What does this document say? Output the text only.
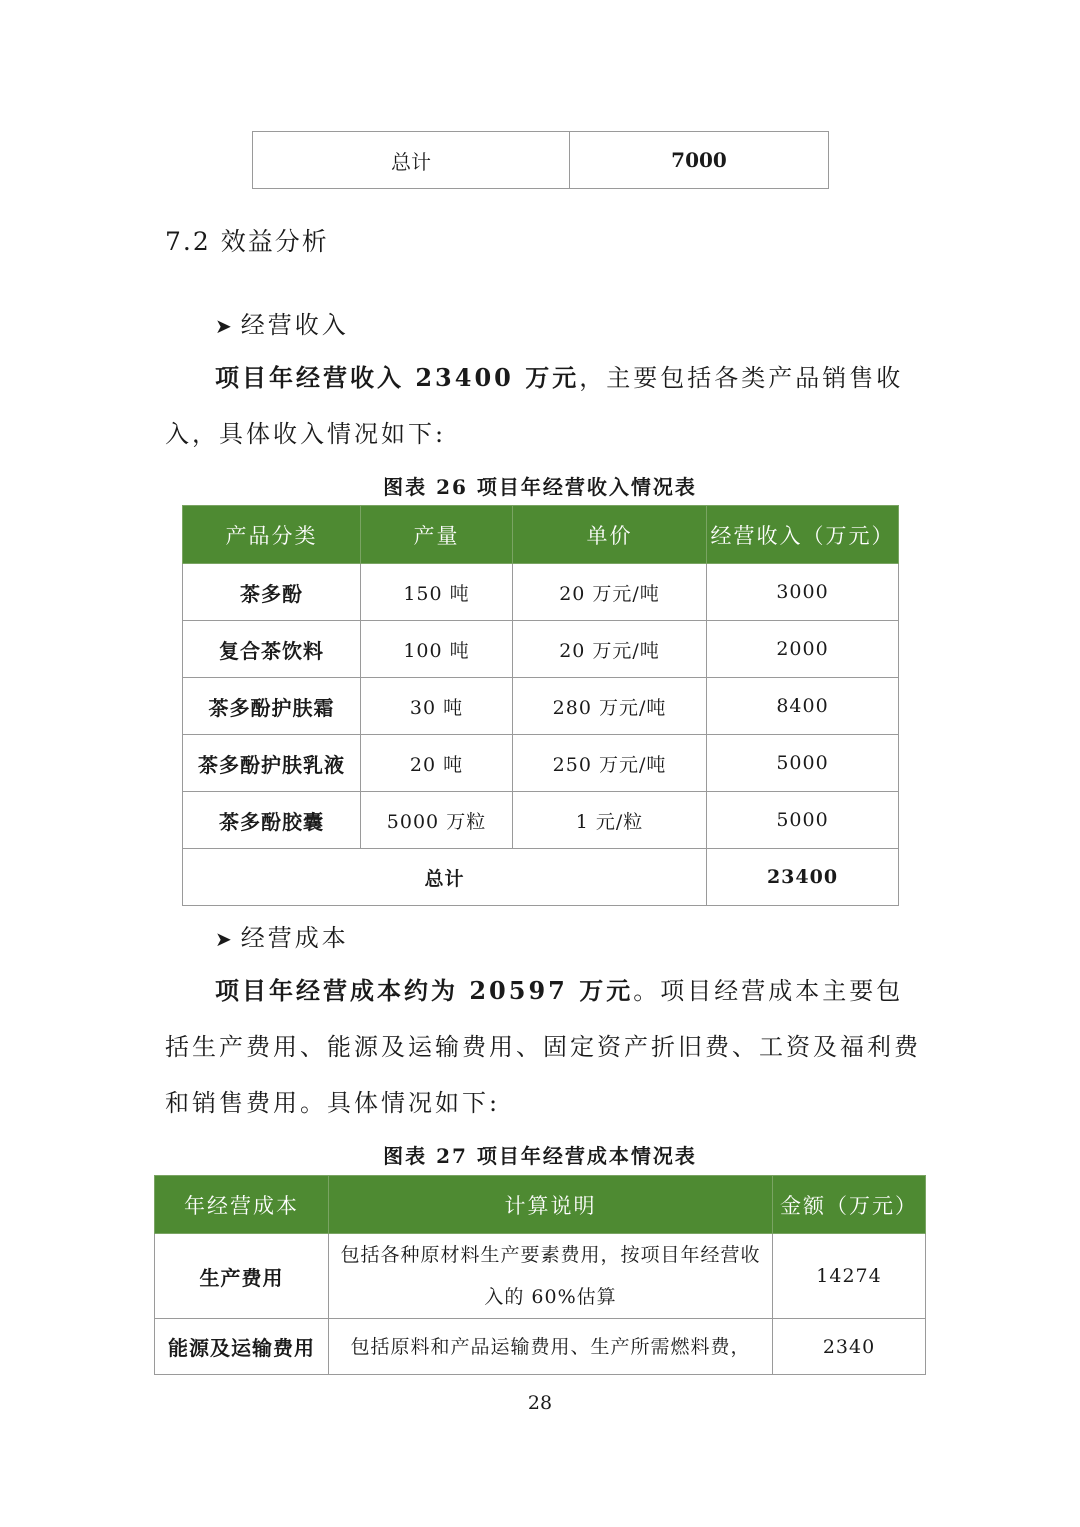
总计	7000
7.2 效益分析
➤ 经营收入
项目年经营收入 23400 万元，主要包括各类产品销售收入，具体收入情况如下:
图表 26 项目年经营收入情况表
产品分类	产量	单价	经营收入（万元）
茶多酚	150 吨	20 万元/吨	3000
复合茶饮料	100 吨	20 万元/吨	2000
茶多酚护肤霜	30 吨	280 万元/吨	8400
茶多酚护肤乳液	20 吨	250 万元/吨	5000
茶多酚胶囊	5000 万粒	1 元/粒	5000
总计			23400
➤ 经营成本
项目年经营成本约为 20597 万元。项目经营成本主要包括生产费用、能源及运输费用、固定资产折旧费、工资及福利费和销售费用。具体情况如下:
图表 27 项目年经营成本情况表
年经营成本	计算说明	金额（万元）
生产费用	包括各种原材料生产要素费用，按项目年经营收入的 60%估算	14274
能源及运输费用	包括原料和产品运输费用、生产所需燃料费，	2340
28
